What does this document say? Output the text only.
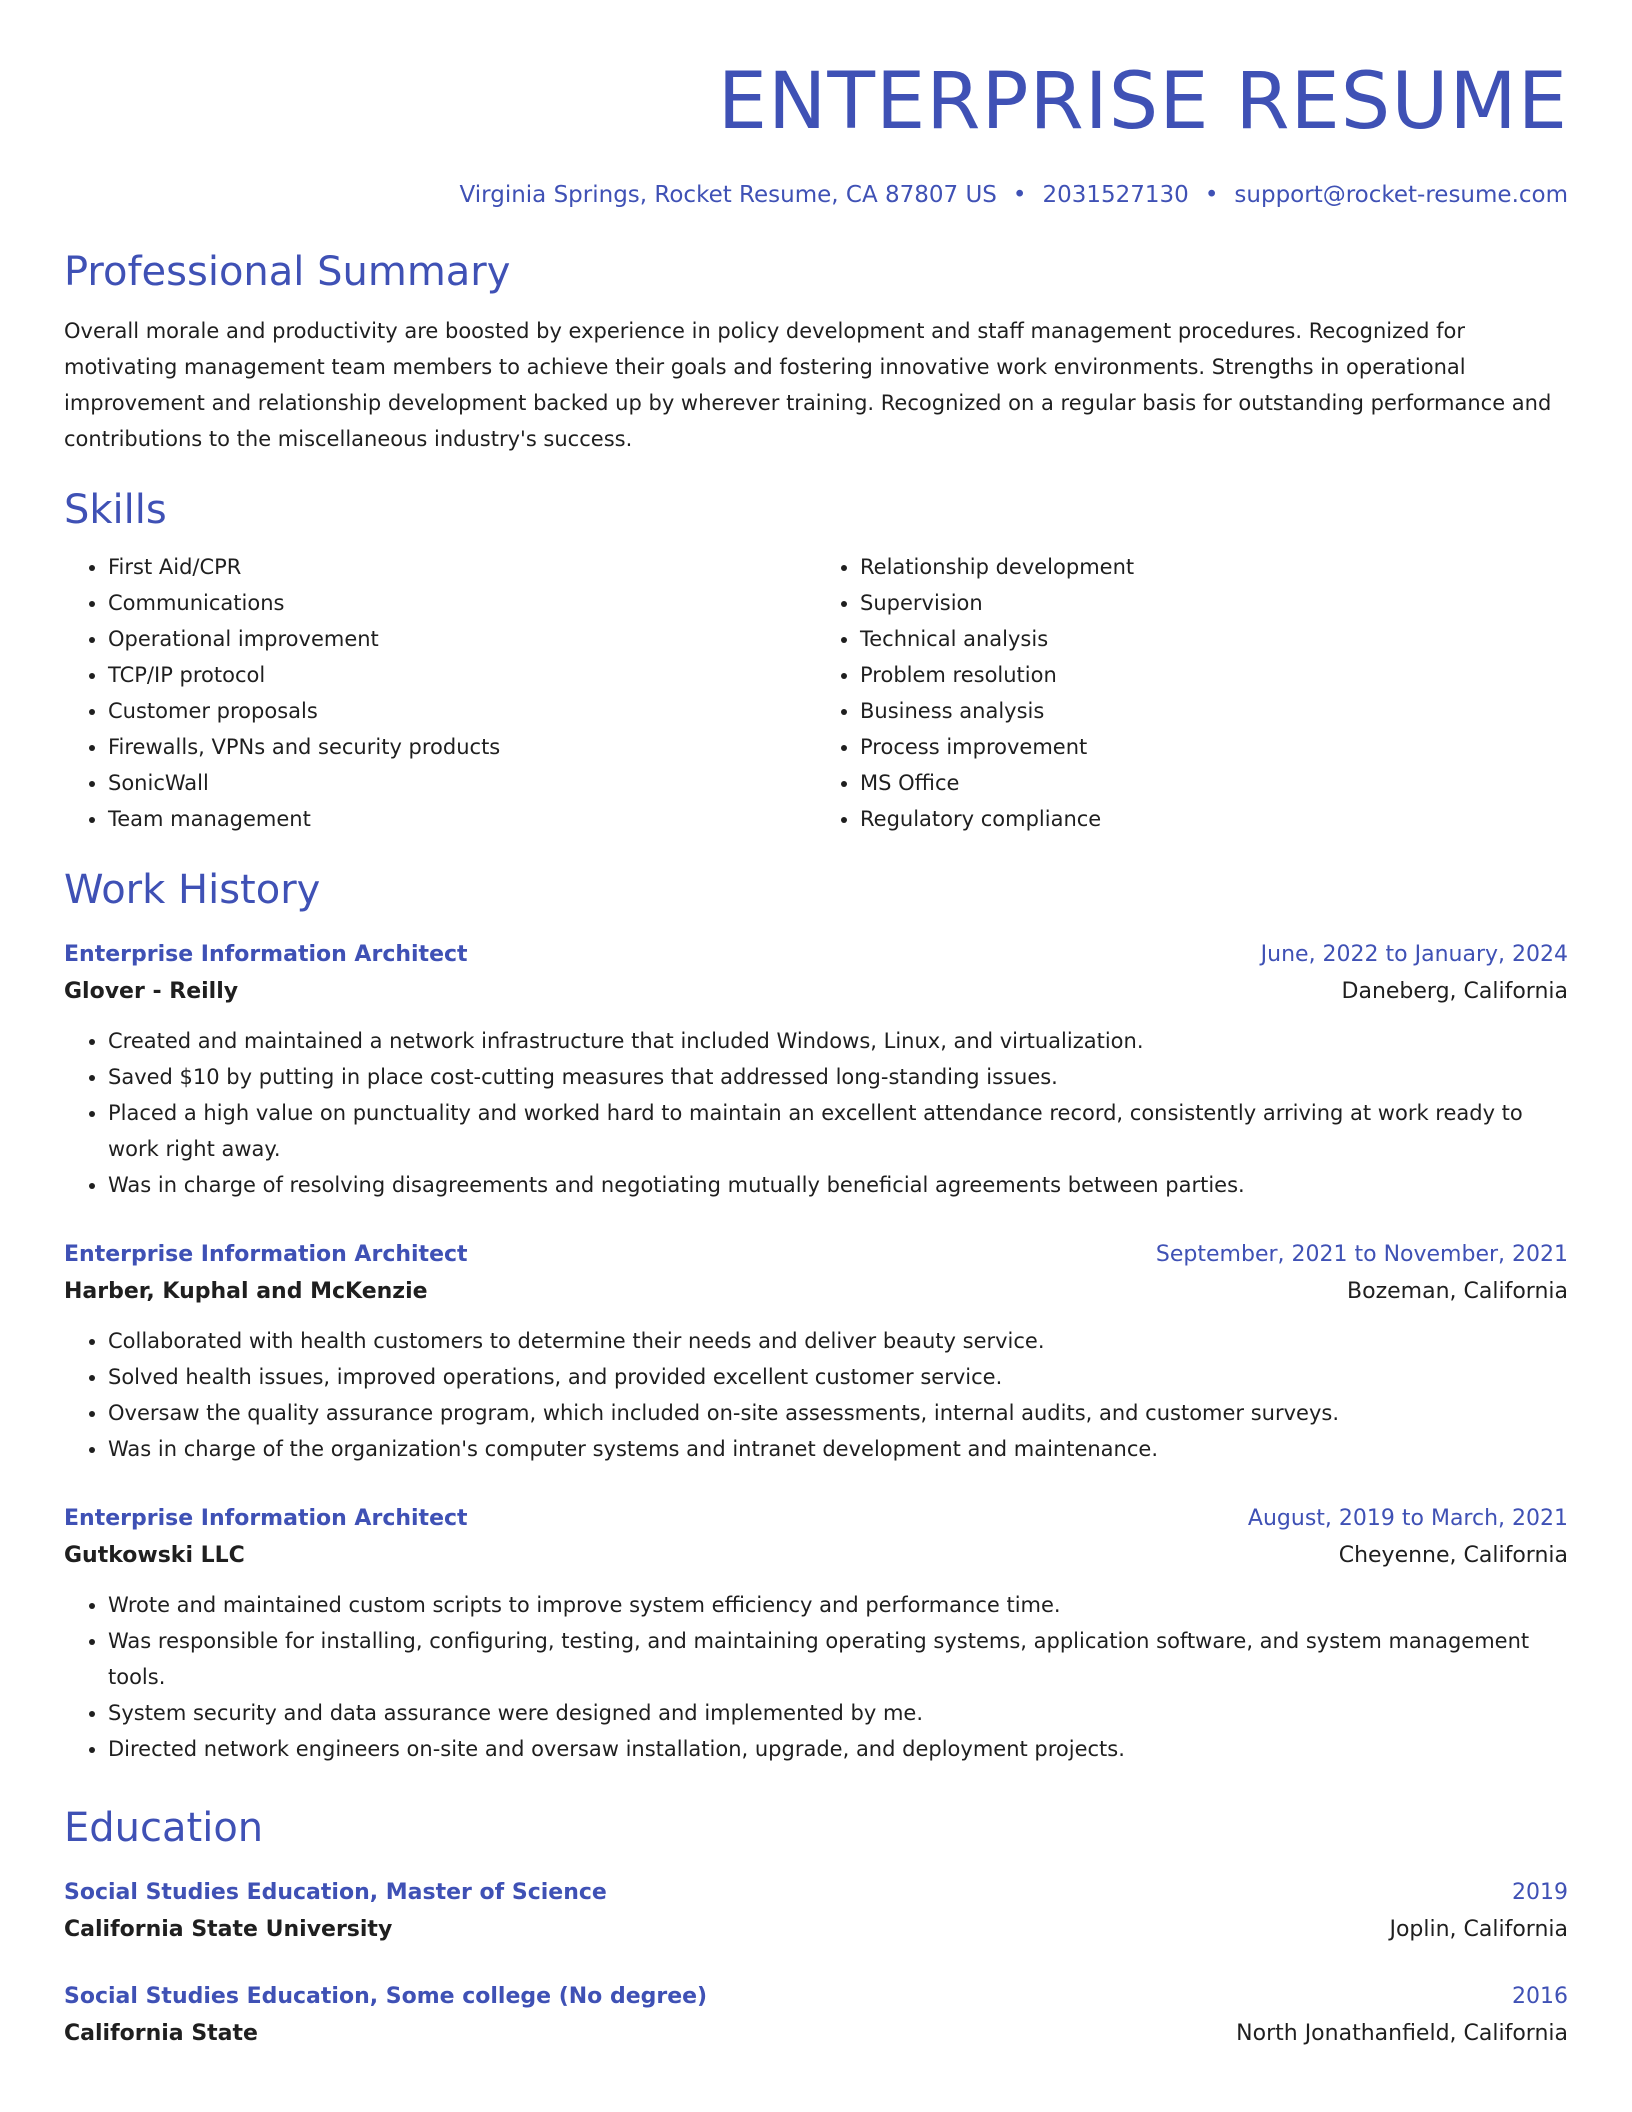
ENTERPRISE RESUME
Virginia Springs, Rocket Resume, CA 87807 US • 2031527130 • support@rocket-resume.com
Professional Summary
Overall morale and productivity are boosted by experience in policy development and staff management procedures. Recognized for motivating management team members to achieve their goals and fostering innovative work environments. Strengths in operational improvement and relationship development backed up by wherever training. Recognized on a regular basis for outstanding performance and contributions to the miscellaneous industry's success.
Skills
• First Aid/CPR
• Communications
• Operational improvement
• TCP/IP protocol
• Customer proposals
• Firewalls, VPNs and security products
• SonicWall
• Team management
• Relationship development
• Supervision
• Technical analysis
• Problem resolution
• Business analysis
• Process improvement
• MS Office
• Regulatory compliance
Work History
Enterprise Information Architect	June, 2022 to January, 2024
Glover - Reilly	Daneberg, California
• Created and maintained a network infrastructure that included Windows, Linux, and virtualization.
• Saved $10 by putting in place cost-cutting measures that addressed long-standing issues.
• Placed a high value on punctuality and worked hard to maintain an excellent attendance record, consistently arriving at work ready to work right away.
• Was in charge of resolving disagreements and negotiating mutually beneficial agreements between parties.
Enterprise Information Architect	September, 2021 to November, 2021
Harber, Kuphal and McKenzie	Bozeman, California
• Collaborated with health customers to determine their needs and deliver beauty service.
• Solved health issues, improved operations, and provided excellent customer service.
• Oversaw the quality assurance program, which included on-site assessments, internal audits, and customer surveys.
• Was in charge of the organization's computer systems and intranet development and maintenance.
Enterprise Information Architect	August, 2019 to March, 2021
Gutkowski LLC	Cheyenne, California
• Wrote and maintained custom scripts to improve system efficiency and performance time.
• Was responsible for installing, configuring, testing, and maintaining operating systems, application software, and system management tools.
• System security and data assurance were designed and implemented by me.
• Directed network engineers on-site and oversaw installation, upgrade, and deployment projects.
Education
Social Studies Education, Master of Science	2019
California State University	Joplin, California
Social Studies Education, Some college (No degree)	2016
California State	North Jonathanfield, California
